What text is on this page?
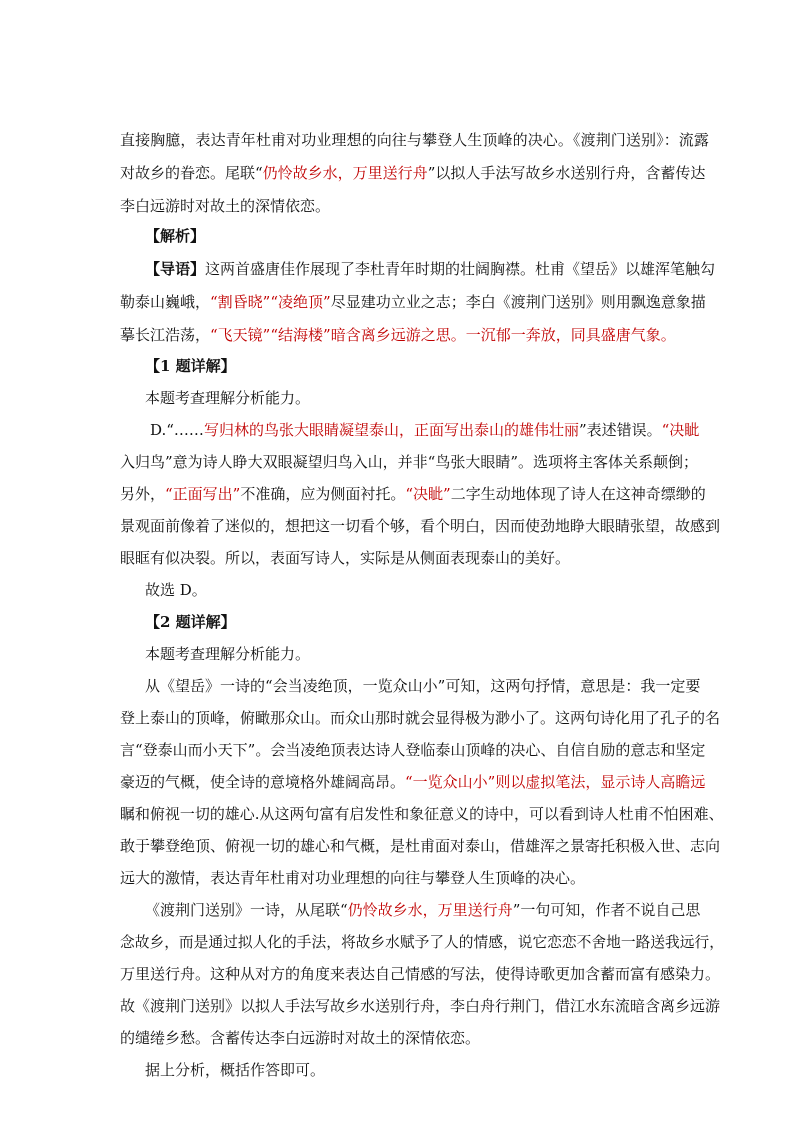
直接胸臆，表达青年杜甫对功业理想的向往与攀登人生顶峰的决心。《渡荆门送别》：流露
对故乡的眷恋。尾联“仍怜故乡水，万里送行舟”以拟人手法写故乡水送别行舟，含蓄传达
李白远游时对故土的深情依恋。
【解析】
【导语】这两首盛唐佳作展现了李杜青年时期的壮阔胸襟。杜甫《望岳》以雄浑笔触勾
勒泰山巍峨，“割昏晓”“凌绝顶”尽显建功立业之志；李白《渡荆门送别》则用飘逸意象描
摹长江浩荡，“飞天镜”“结海楼”暗含离乡远游之思。一沉郁一奔放，同具盛唐气象。
【1 题详解】
本题考查理解分析能力。
D.“……写归林的鸟张大眼睛凝望泰山，正面写出泰山的雄伟壮丽”表述错误。“决眦
入归鸟”意为诗人睁大双眼凝望归鸟入山，并非“鸟张大眼睛”。选项将主客体关系颠倒；
另外，“正面写出”不准确，应为侧面衬托。“决眦”二字生动地体现了诗人在这神奇缥缈的
景观面前像着了迷似的，想把这一切看个够，看个明白，因而使劲地睁大眼睛张望，故感到
眼眶有似决裂。所以，表面写诗人，实际是从侧面表现泰山的美好。
故选 D。
【2 题详解】
本题考查理解分析能力。
从《望岳》一诗的“会当凌绝顶，一览众山小”可知，这两句抒情，意思是：我一定要
登上泰山的顶峰，俯瞰那众山。而众山那时就会显得极为渺小了。这两句诗化用了孔子的名
言“登泰山而小天下”。会当凌绝顶表达诗人登临泰山顶峰的决心、自信自励的意志和坚定
豪迈的气概，使全诗的意境格外雄阔高昂。“一览众山小”则以虚拟笔法，显示诗人高瞻远
瞩和俯视一切的雄心.从这两句富有启发性和象征意义的诗中，可以看到诗人杜甫不怕困难、
敢于攀登绝顶、俯视一切的雄心和气概，是杜甫面对泰山，借雄浑之景寄托积极入世、志向
远大的激情，表达青年杜甫对功业理想的向往与攀登人生顶峰的决心。
《渡荆门送别》一诗，从尾联“仍怜故乡水，万里送行舟”一句可知，作者不说自己思
念故乡，而是通过拟人化的手法，将故乡水赋予了人的情感，说它恋恋不舍地一路送我远行，
万里送行舟。这种从对方的角度来表达自己情感的写法，使得诗歌更加含蓄而富有感染力。
故《渡荆门送别》以拟人手法写故乡水送别行舟，李白舟行荆门，借江水东流暗含离乡远游
的缱绻乡愁。含蓄传达李白远游时对故土的深情依恋。
据上分析，概括作答即可。
